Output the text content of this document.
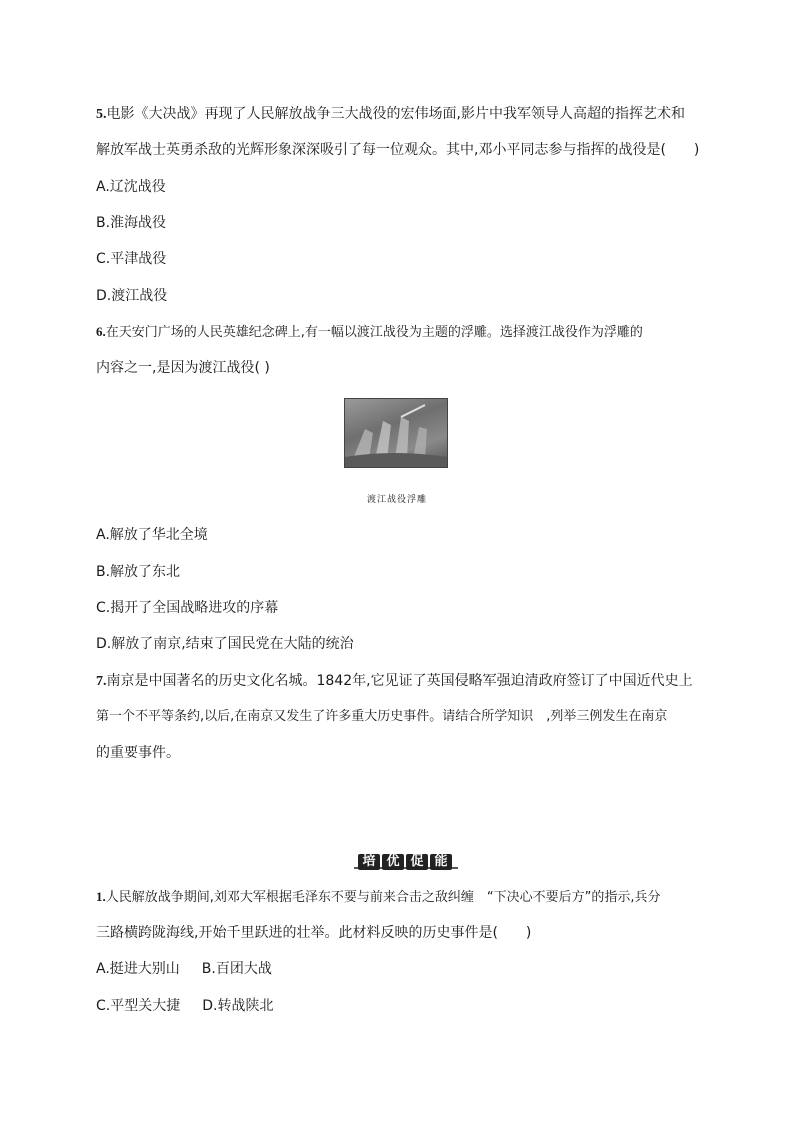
5.电影《大决战》再现了人民解放战争三大战役的宏伟场面,影片中我军领导人高超的指挥艺术和
解放军战士英勇杀敌的光辉形象深深吸引了每一位观众。其中,邓小平同志参与指挥的战役是(　　)
A.辽沈战役
B.淮海战役
C.平津战役
D.渡江战役
6.在天安门广场的人民英雄纪念碑上,有一幅以渡江战役为主题的浮雕。选择渡江战役作为浮雕的
内容之一,是因为渡江战役( )
渡江战役浮雕
A.解放了华北全境
B.解放了东北
C.揭开了全国战略进攻的序幕
D.解放了南京,结束了国民党在大陆的统治
7.南京是中国著名的历史文化名城。1842年,它见证了英国侵略军强迫清政府签订了中国近代史上
第一个不平等条约,以后,在南京又发生了许多重大历史事件。请结合所学知识　,列举三例发生在南京
的重要事件。
培 优 促 能
1.人民解放战争期间,刘邓大军根据毛泽东不要与前来合击之敌纠缠　“下决心不要后方”的指示,兵分
三路横跨陇海线,开始千里跃进的壮举。此材料反映的历史事件是(　　)
A.挺进大别山 B.百团大战
C.平型关大捷 D.转战陕北
